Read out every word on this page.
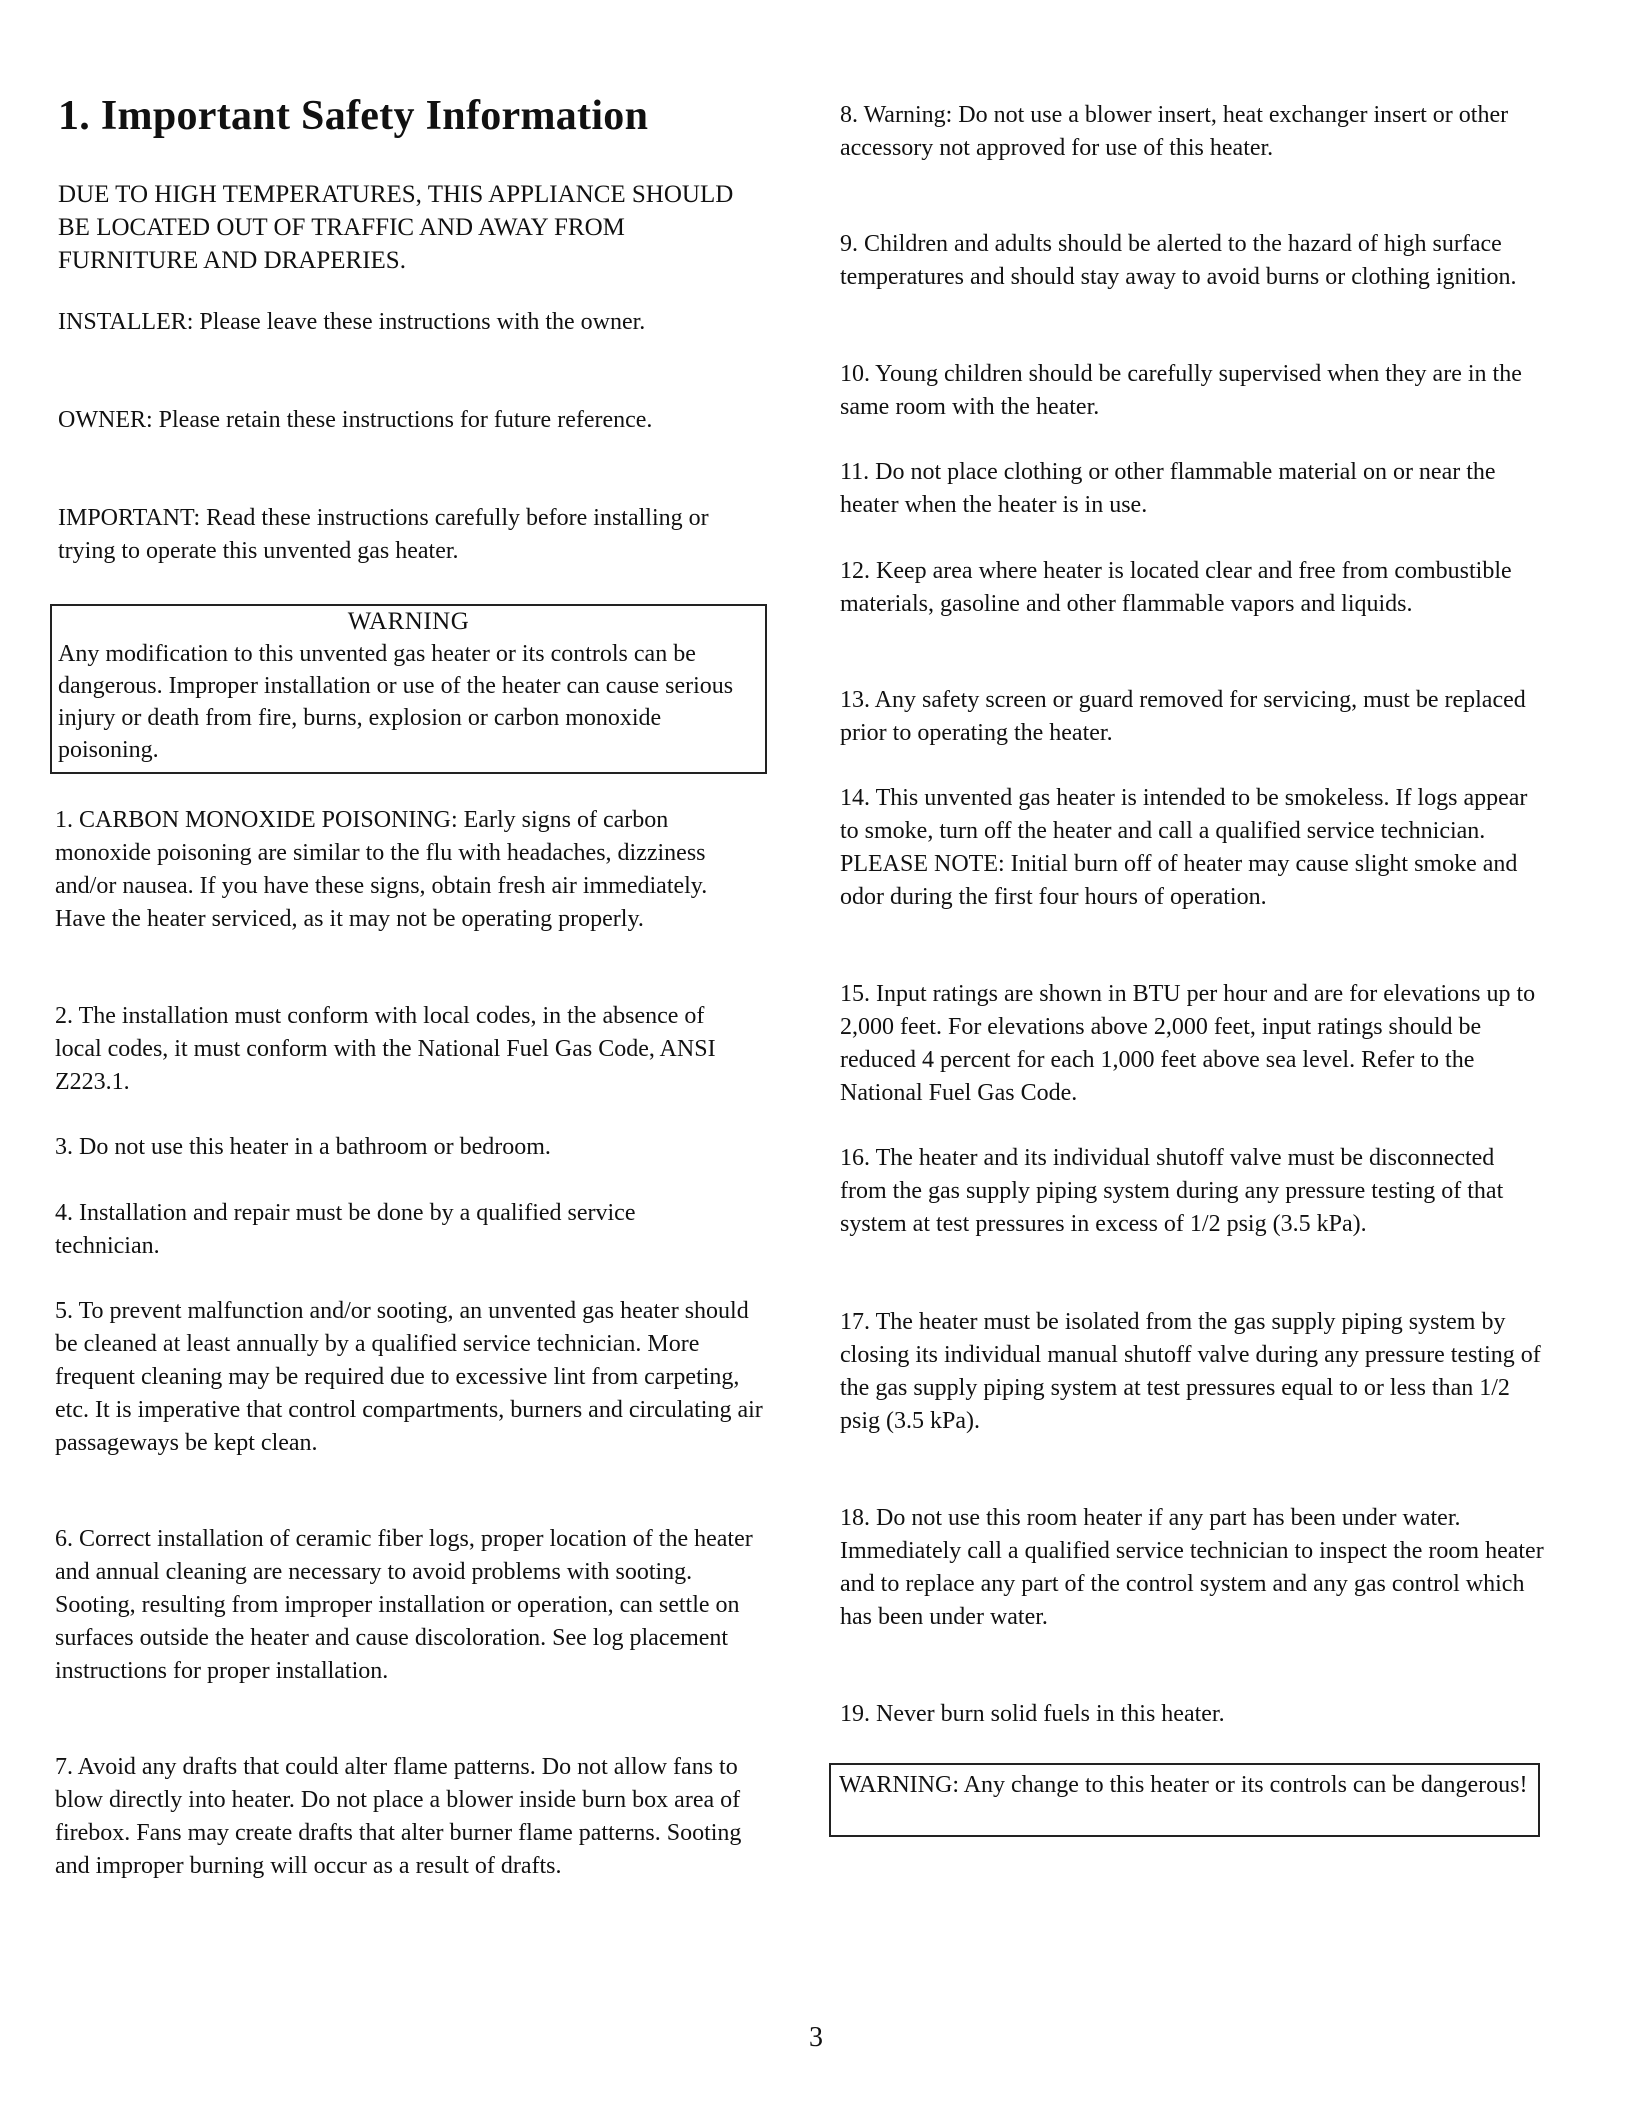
1. Important Safety Information
DUE TO HIGH TEMPERATURES, THIS APPLIANCE SHOULD BE LOCATED OUT OF TRAFFIC AND AWAY FROM FURNITURE AND DRAPERIES.

INSTALLER: Please leave these instructions with the owner.

OWNER: Please retain these instructions for future reference.

IMPORTANT: Read these instructions carefully before installing or trying to operate this unvented gas heater.

WARNING

Any modification to this unvented gas heater or its controls can be dangerous. Improper installation or use of the heater can cause serious injury or death from fire, burns, explosion or carbon monoxide poisoning.

1. CARBON MONOXIDE POISONING: Early signs of carbon monoxide poisoning are similar to the flu with headaches, dizziness and/or nausea. If you have these signs, obtain fresh air immediately. Have the heater serviced, as it may not be operating properly.

2. The installation must conform with local codes, in the absence of local codes, it must conform with the National Fuel Gas Code, ANSI Z223.1.

3. Do not use this heater in a bathroom or bedroom.

4. Installation and repair must be done by a qualified service technician.

5. To prevent malfunction and/or sooting, an unvented gas heater should be cleaned at least annually by a qualified service technician. More frequent cleaning may be required due to excessive lint from carpeting, etc. It is imperative that control compartments, burners and circulating air passageways be kept clean.

6. Correct installation of ceramic fiber logs, proper location of the heater and annual cleaning are necessary to avoid problems with sooting. Sooting, resulting from improper installation or operation, can settle on surfaces outside the heater and cause discoloration. See log placement instructions for proper installation.

7. Avoid any drafts that could alter flame patterns. Do not allow fans to blow directly into heater. Do not place a blower inside burn box area of firebox. Fans may create drafts that alter burner flame patterns. Sooting and improper burning will occur as a result of drafts.

8. Warning: Do not use a blower insert, heat exchanger insert or other accessory not approved for use of this heater.

9. Children and adults should be alerted to the hazard of high surface temperatures and should stay away to avoid burns or clothing ignition.

10. Young children should be carefully supervised when they are in the same room with the heater.

11. Do not place clothing or other flammable material on or near the heater when the heater is in use.

12. Keep area where heater is located clear and free from combustible materials, gasoline and other flammable vapors and liquids.

13. Any safety screen or guard removed for servicing, must be replaced prior to operating the heater.

14. This unvented gas heater is intended to be smokeless. If logs appear to smoke, turn off the heater and call a qualified service technician. PLEASE NOTE: Initial burn off of heater may cause slight smoke and odor during the first four hours of operation.

15. Input ratings are shown in BTU per hour and are for elevations up to 2,000 feet. For elevations above 2,000 feet, input ratings should be reduced 4 percent for each 1,000 feet above sea level. Refer to the National Fuel Gas Code.

16. The heater and its individual shutoff valve must be disconnected from the gas supply piping system during any pressure testing of that system at test pressures in excess of 1/2 psig (3.5 kPa).

17. The heater must be isolated from the gas supply piping system by closing its individual manual shutoff valve during any pressure testing of the gas supply piping system at test pressures equal to or less than 1/2 psig (3.5 kPa).

18. Do not use this room heater if any part has been under water. Immediately call a qualified service technician to inspect the room heater and to replace any part of the control system and any gas control which has been under water.

19. Never burn solid fuels in this heater.

WARNING: Any change to this heater or its controls can be dangerous!

3
